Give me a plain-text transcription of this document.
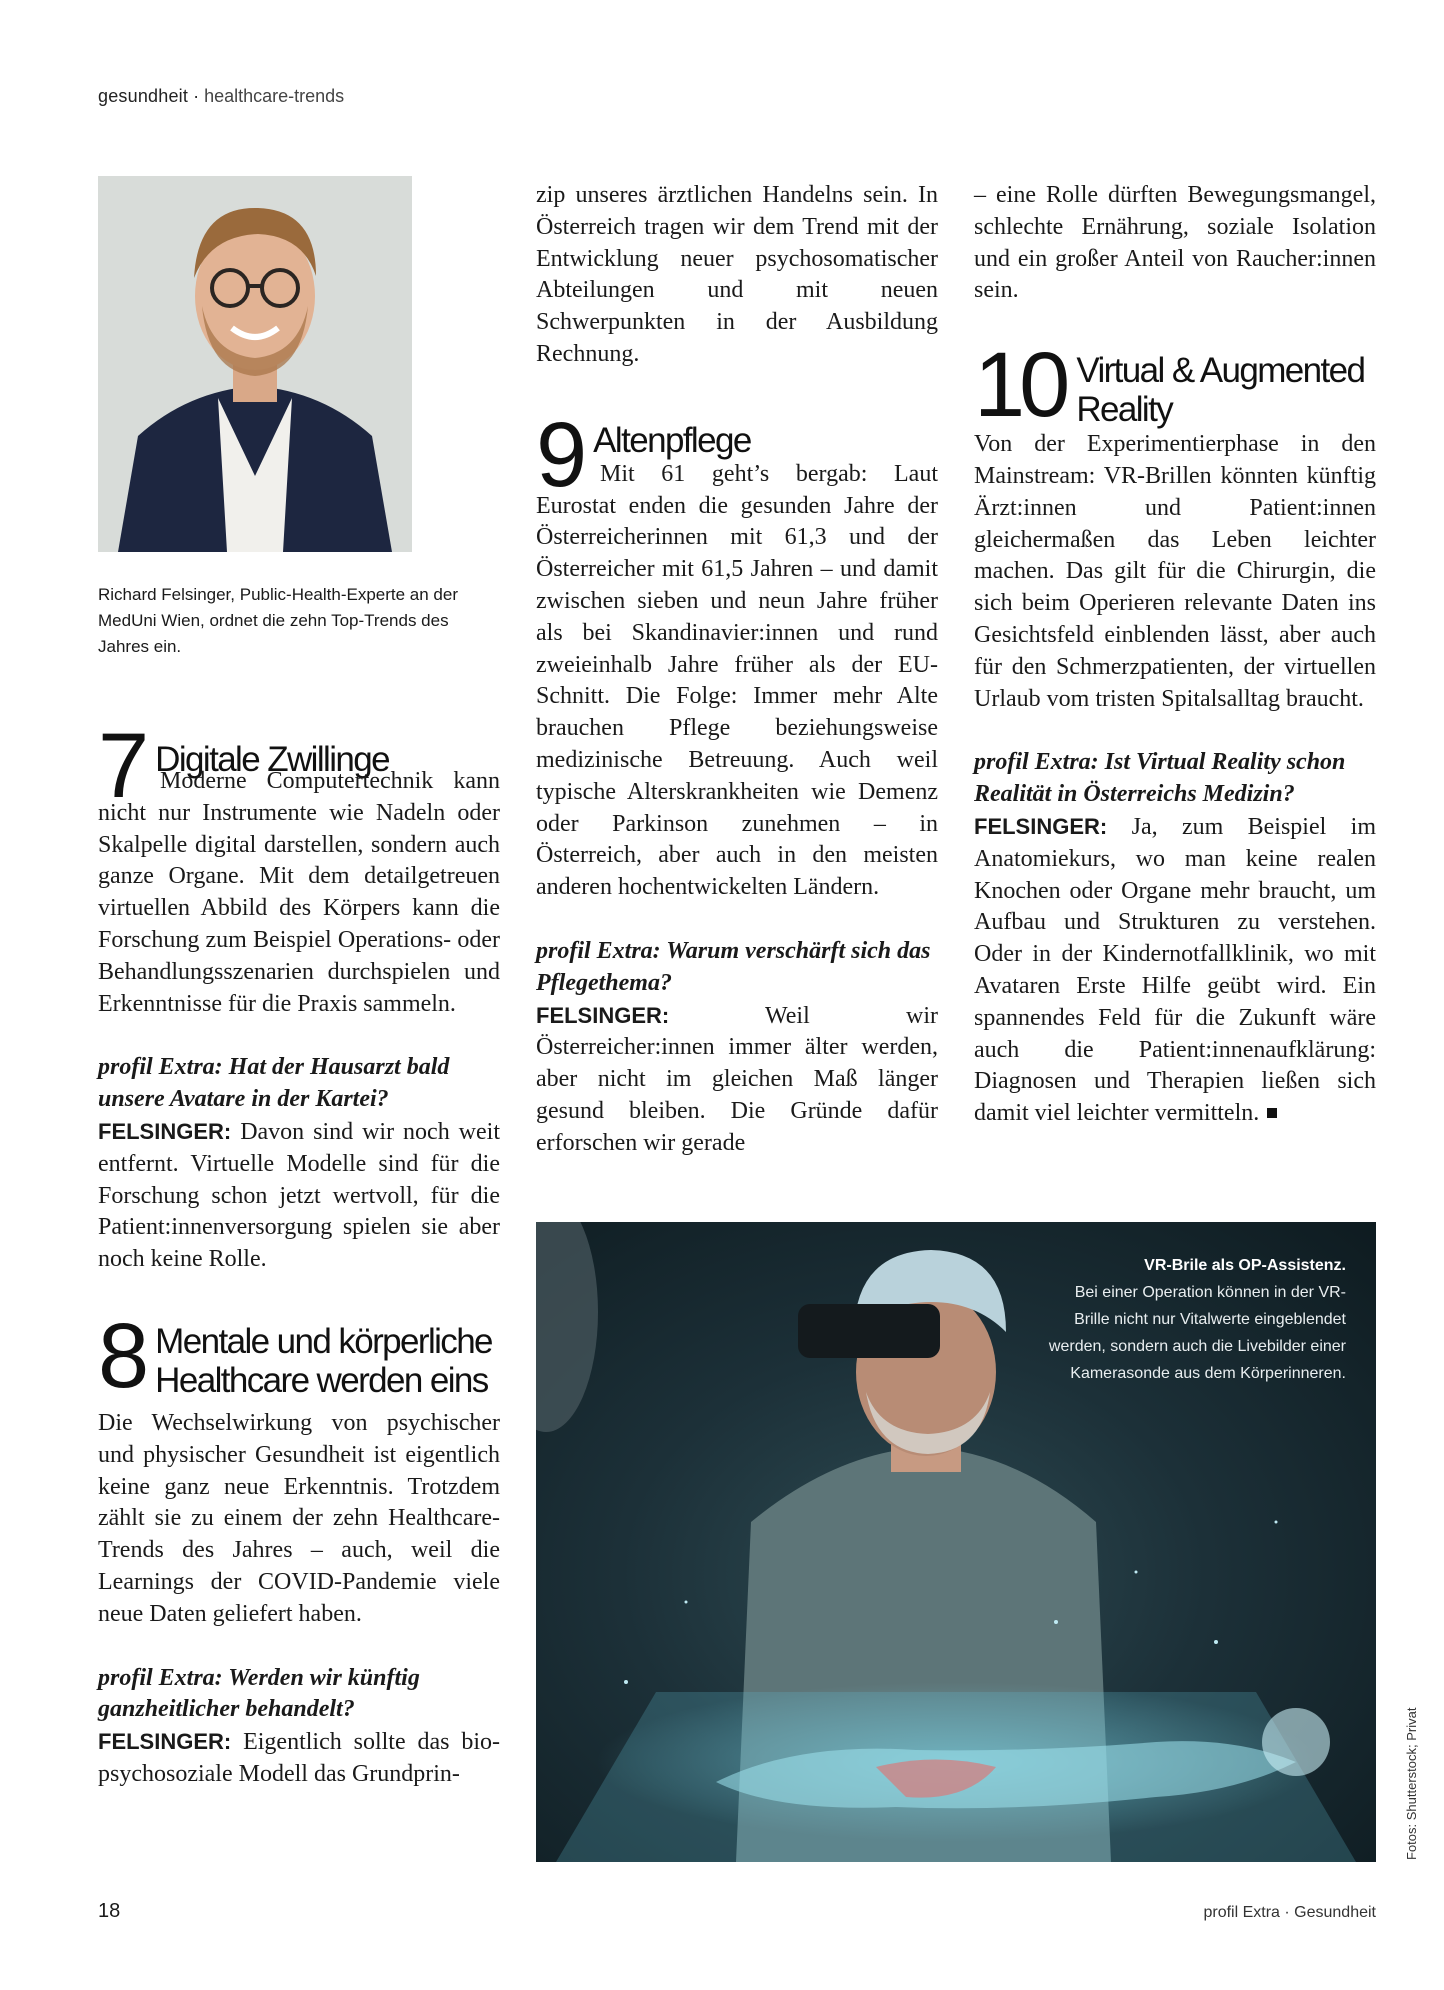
gesundheit · healthcare-trends

Richard Felsinger, Public-Health-Experte an der MedUni Wien, ordnet die zehn Top-Trends des Jahres ein.

7 Digitale Zwillinge

Moderne Computertechnik kann nicht nur Instrumente wie Nadeln oder Skalpelle digital darstellen, sondern auch ganze Organe. Mit dem detailgetreuen virtuellen Abbild des Körpers kann die Forschung zum Beispiel Operations- oder Behandlungsszenarien durchspielen und Erkenntnisse für die Praxis sammeln.

profil Extra: Hat der Hausarzt bald unsere Avatare in der Kartei?

FELSINGER: Davon sind wir noch weit entfernt. Virtuelle Modelle sind für die Forschung schon jetzt wertvoll, für die Patient:innenversorgung spielen sie aber noch keine Rolle.

8 Mentale und körperliche Healthcare werden eins

Die Wechselwirkung von psychischer und physischer Gesundheit ist eigentlich keine ganz neue Erkenntnis. Trotzdem zählt sie zu einem der zehn Healthcare-Trends des Jahres – auch, weil die Learnings der COVID-Pandemie viele neue Daten geliefert haben.

profil Extra: Werden wir künftig ganzheitlicher behandelt?

FELSINGER: Eigentlich sollte das bio-psychosoziale Modell das Grundprin-

zip unseres ärztlichen Handelns sein. In Österreich tragen wir dem Trend mit der Entwicklung neuer psychosomatischer Abteilungen und mit neuen Schwerpunkten in der Ausbildung Rechnung.

9 Altenpflege

Mit 61 geht’s bergab: Laut Eurostat enden die gesunden Jahre der Österreicherinnen mit 61,3 und der Österreicher mit 61,5 Jahren – und damit zwischen sieben und neun Jahre früher als bei Skandinavier:innen und rund zweieinhalb Jahre früher als der EU-Schnitt. Die Folge: Immer mehr Alte brauchen Pflege beziehungsweise medizinische Betreuung. Auch weil typische Alterskrankheiten wie Demenz oder Parkinson zunehmen – in Österreich, aber auch in den meisten anderen hochentwickelten Ländern.

profil Extra: Warum verschärft sich das Pflegethema?

FELSINGER: Weil wir Österreicher:innen immer älter werden, aber nicht im gleichen Maß länger gesund bleiben. Die Gründe dafür erforschen wir gerade

– eine Rolle dürften Bewegungsmangel, schlechte Ernährung, soziale Isolation und ein großer Anteil von Raucher:innen sein.

10 Virtual & Augmented Reality

Von der Experimentierphase in den Mainstream: VR-Brillen könnten künftig Ärzt:innen und Patient:innen gleichermaßen das Leben leichter machen. Das gilt für die Chirurgin, die sich beim Operieren relevante Daten ins Gesichtsfeld einblenden lässt, aber auch für den Schmerzpatienten, der virtuellen Urlaub vom tristen Spitalsalltag braucht.

profil Extra: Ist Virtual Reality schon Realität in Österreichs Medizin?

FELSINGER: Ja, zum Beispiel im Anatomiekurs, wo man keine realen Knochen oder Organe mehr braucht, um Aufbau und Strukturen zu verstehen. Oder in der Kindernotfallklinik, wo mit Avataren Erste Hilfe geübt wird. Ein spannendes Feld für die Zukunft wäre auch die Patient:innenaufklärung: Diagnosen und Therapien ließen sich damit viel leichter vermitteln.

VR-Brile als OP-Assistenz.
Bei einer Operation können in der VR-Brille nicht nur Vitalwerte eingeblendet werden, sondern auch die Livebilder einer Kamerasonde aus dem Körperinneren.
Fotos: Shutterstock; Privat
18	profil Extra · Gesundheit
